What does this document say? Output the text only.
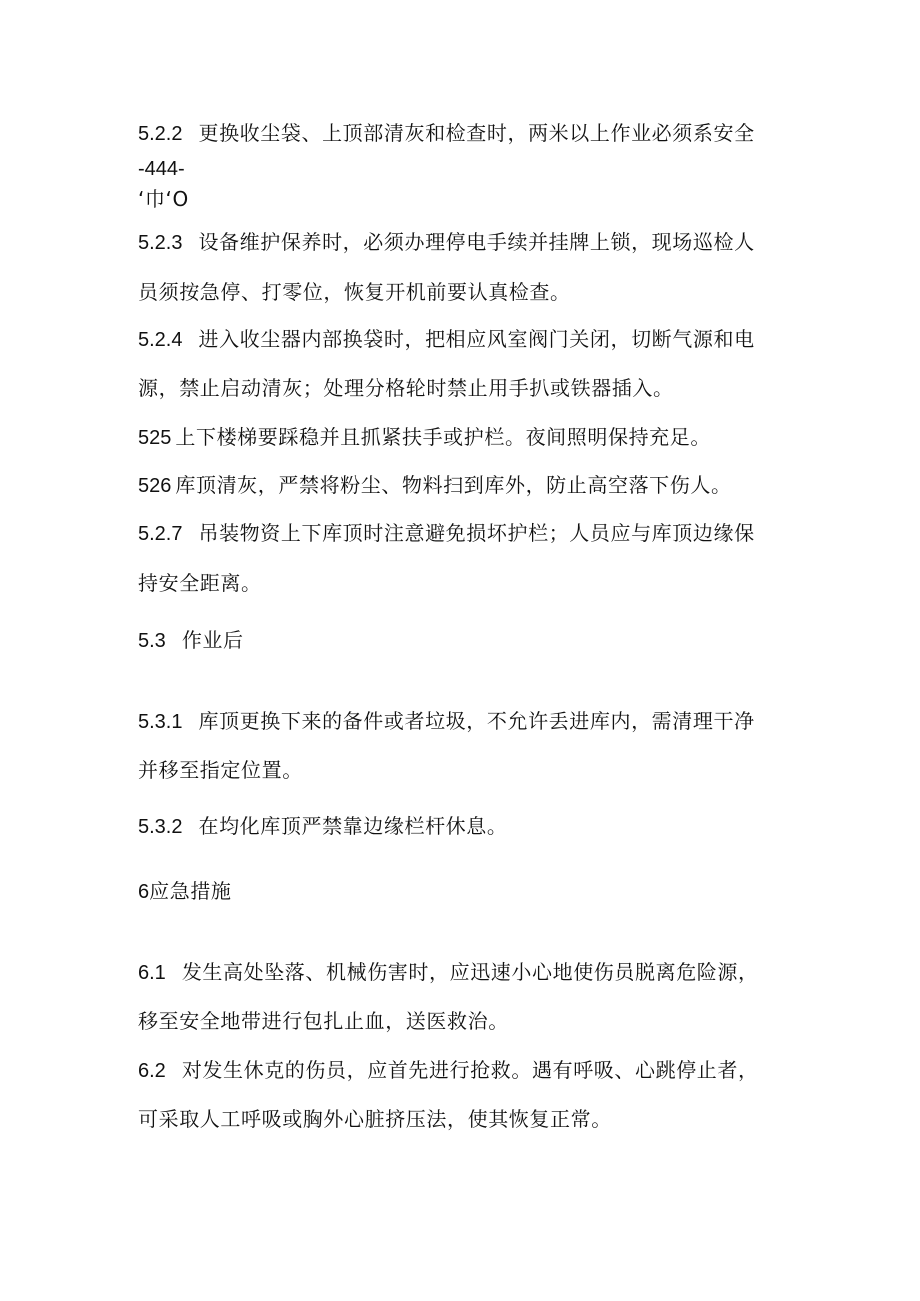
5.2.2 更换收尘袋、上顶部清灰和检查时，两米以上作业必须系安全
-444-
‘巾‘O
5.2.3 设备维护保养时，必须办理停电手续并挂牌上锁，现场巡检人
员须按急停、打零位，恢复开机前要认真检查。
5.2.4 进入收尘器内部换袋时，把相应风室阀门关闭，切断气源和电
源，禁止启动清灰；处理分格轮时禁止用手扒或铁器插入。
525 上下楼梯要踩稳并且抓紧扶手或护栏。夜间照明保持充足。
526 库顶清灰，严禁将粉尘、物料扫到库外，防止高空落下伤人。
5.2.7 吊装物资上下库顶时注意避免损坏护栏；人员应与库顶边缘保
持安全距离。
5.3 作业后
5.3.1 库顶更换下来的备件或者垃圾，不允许丢进库内，需清理干净
并移至指定位置。
5.3.2 在均化库顶严禁靠边缘栏杆休息。
6应急措施
6.1 发生高处坠落、机械伤害时，应迅速小心地使伤员脱离危险源，
移至安全地带进行包扎止血，送医救治。
6.2 对发生休克的伤员，应首先进行抢救。遇有呼吸、心跳停止者，
可采取人工呼吸或胸外心脏挤压法，使其恢复正常。
